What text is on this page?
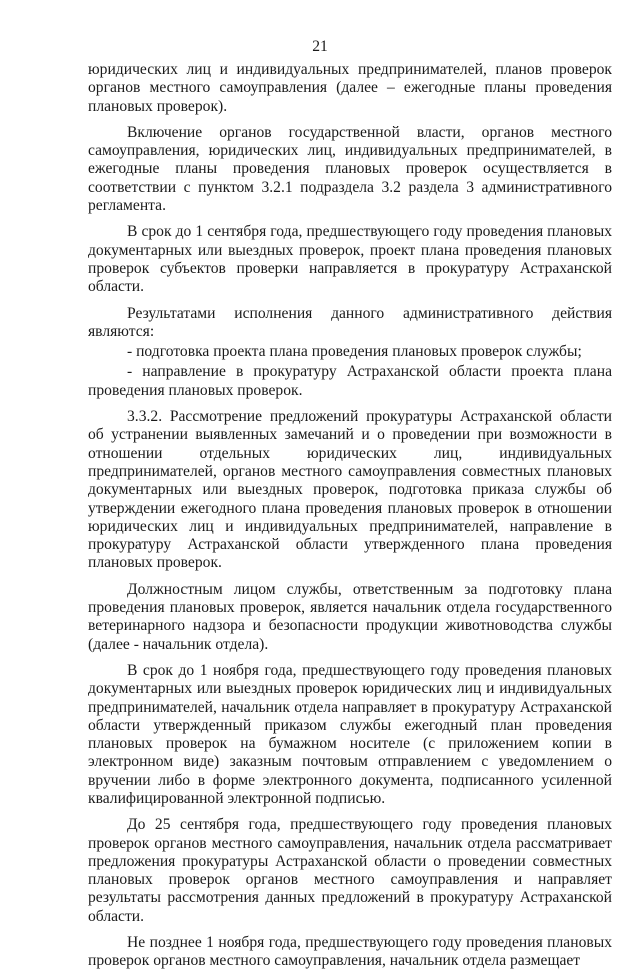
21

юридических лиц и индивидуальных предпринимателей, планов проверок органов местного самоуправления (далее – ежегодные планы проведения плановых проверок).

Включение органов государственной власти, органов местного самоуправления, юридических лиц, индивидуальных предпринимателей, в ежегодные планы проведения плановых проверок осуществляется в соответствии с пунктом 3.2.1 подраздела 3.2 раздела 3 административного регламента.

В срок до 1 сентября года, предшествующего году проведения плановых документарных или выездных проверок, проект плана проведения плановых проверок субъектов проверки направляется в прокуратуру Астраханской области.

Результатами исполнения данного административного действия являются:

- подготовка проекта плана проведения плановых проверок службы;

- направление в прокуратуру Астраханской области проекта плана проведения плановых проверок.

3.3.2. Рассмотрение предложений прокуратуры Астраханской области об устранении выявленных замечаний и о проведении при возможности в отношении отдельных юридических лиц, индивидуальных предпринимателей, органов местного самоуправления совместных плановых документарных или выездных проверок, подготовка приказа службы об утверждении ежегодного плана проведения плановых проверок в отношении юридических лиц и индивидуальных предпринимателей, направление в прокуратуру Астраханской области утвержденного плана проведения плановых проверок.

Должностным лицом службы, ответственным за подготовку плана проведения плановых проверок, является начальник отдела государственного ветеринарного надзора и безопасности продукции животноводства службы (далее - начальник отдела).

В срок до 1 ноября года, предшествующего году проведения плановых документарных или выездных проверок юридических лиц и индивидуальных предпринимателей, начальник отдела направляет в прокуратуру Астраханской области утвержденный приказом службы ежегодный план проведения плановых проверок на бумажном носителе (с приложением копии в электронном виде) заказным почтовым отправлением с уведомлением о вручении либо в форме электронного документа, подписанного усиленной квалифицированной электронной подписью.

До 25 сентября года, предшествующего году проведения плановых проверок органов местного самоуправления, начальник отдела рассматривает предложения прокуратуры Астраханской области о проведении совместных плановых проверок органов местного самоуправления и направляет результаты рассмотрения данных предложений в прокуратуру Астраханской области.

Не позднее 1 ноября года, предшествующего году проведения плановых проверок органов местного самоуправления, начальник отдела размещает
